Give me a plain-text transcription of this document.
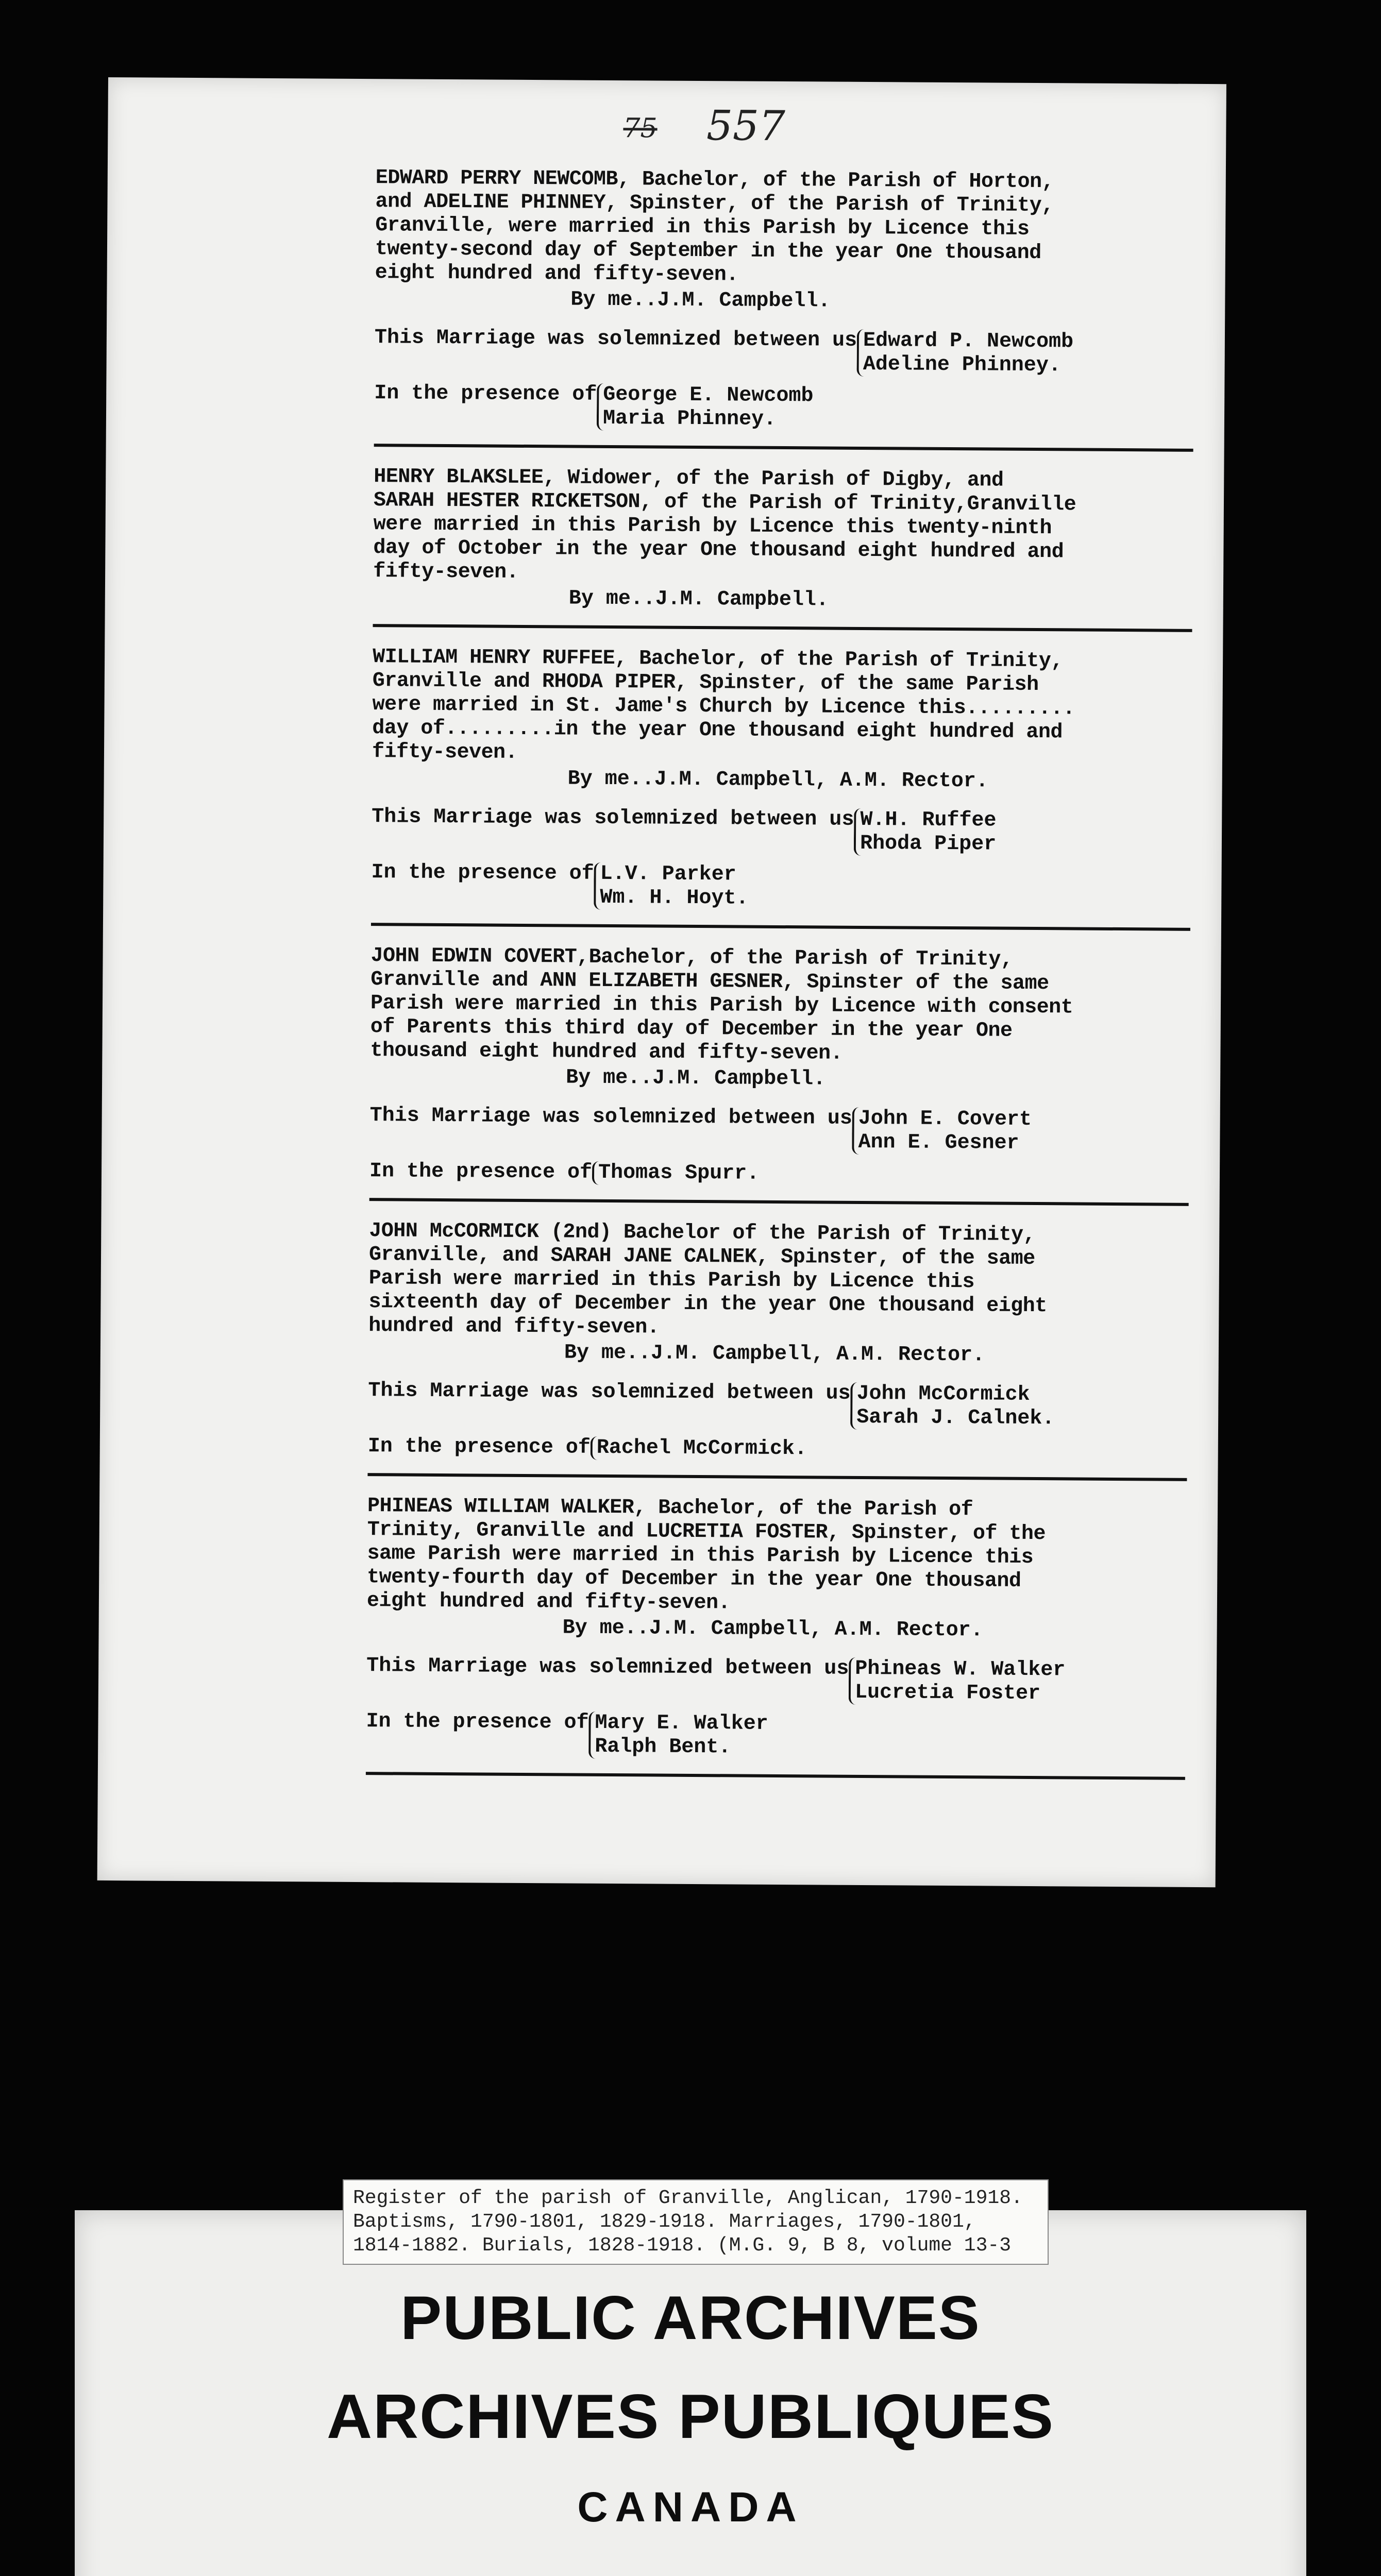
75 557
EDWARD PERRY NEWCOMB, Bachelor, of the Parish of Horton,
and ADELINE PHINNEY, Spinster, of the Parish of Trinity,
Granville, were married in this Parish by Licence this
twenty-second day of September in the year One thousand
eight hundred and fifty-seven.
By me..J.M. Campbell.
This Marriage was solemnized between us Edward P. Newcomb
Adeline Phinney.
In the presence of George E. Newcomb
Maria Phinney.
HENRY BLAKSLEE, Widower, of the Parish of Digby, and
SARAH HESTER RICKETSON, of the Parish of Trinity,Granville
were married in this Parish by Licence this twenty-ninth
day of October in the year One thousand eight hundred and
fifty-seven.
By me..J.M. Campbell.
WILLIAM HENRY RUFFEE, Bachelor, of the Parish of Trinity,
Granville and RHODA PIPER, Spinster, of the same Parish
were married in St. Jame's Church by Licence this.........
day of.........in the year One thousand eight hundred and
fifty-seven.
By me..J.M. Campbell, A.M. Rector.
This Marriage was solemnized between us W.H. Ruffee
Rhoda Piper
In the presence of L.V. Parker
Wm. H. Hoyt.
JOHN EDWIN COVERT,Bachelor, of the Parish of Trinity,
Granville and ANN ELIZABETH GESNER, Spinster of the same
Parish were married in this Parish by Licence with consent
of Parents this third day of December in the year One
thousand eight hundred and fifty-seven.
By me..J.M. Campbell.
This Marriage was solemnized between us John E. Covert
Ann E. Gesner
In the presence of Thomas Spurr.
JOHN McCORMICK (2nd) Bachelor of the Parish of Trinity,
Granville, and SARAH JANE CALNEK, Spinster, of the same
Parish were married in this Parish by Licence this
sixteenth day of December in the year One thousand eight
hundred and fifty-seven.
By me..J.M. Campbell, A.M. Rector.
This Marriage was solemnized between us John McCormick
Sarah J. Calnek.
In the presence of Rachel McCormick.
PHINEAS WILLIAM WALKER, Bachelor, of the Parish of
Trinity, Granville and LUCRETIA FOSTER, Spinster, of the
same Parish were married in this Parish by Licence this
twenty-fourth day of December in the year One thousand
eight hundred and fifty-seven.
By me..J.M. Campbell, A.M. Rector.
This Marriage was solemnized between us Phineas W. Walker
Lucretia Foster
In the presence of Mary E. Walker
Ralph Bent.
Register of the parish of Granville, Anglican, 1790-1918.
Baptisms, 1790-1801, 1829-1918. Marriages, 1790-1801,
1814-1882. Burials, 1828-1918. (M.G. 9, B 8, volume 13-3
PUBLIC ARCHIVES
ARCHIVES PUBLIQUES
CANADA
